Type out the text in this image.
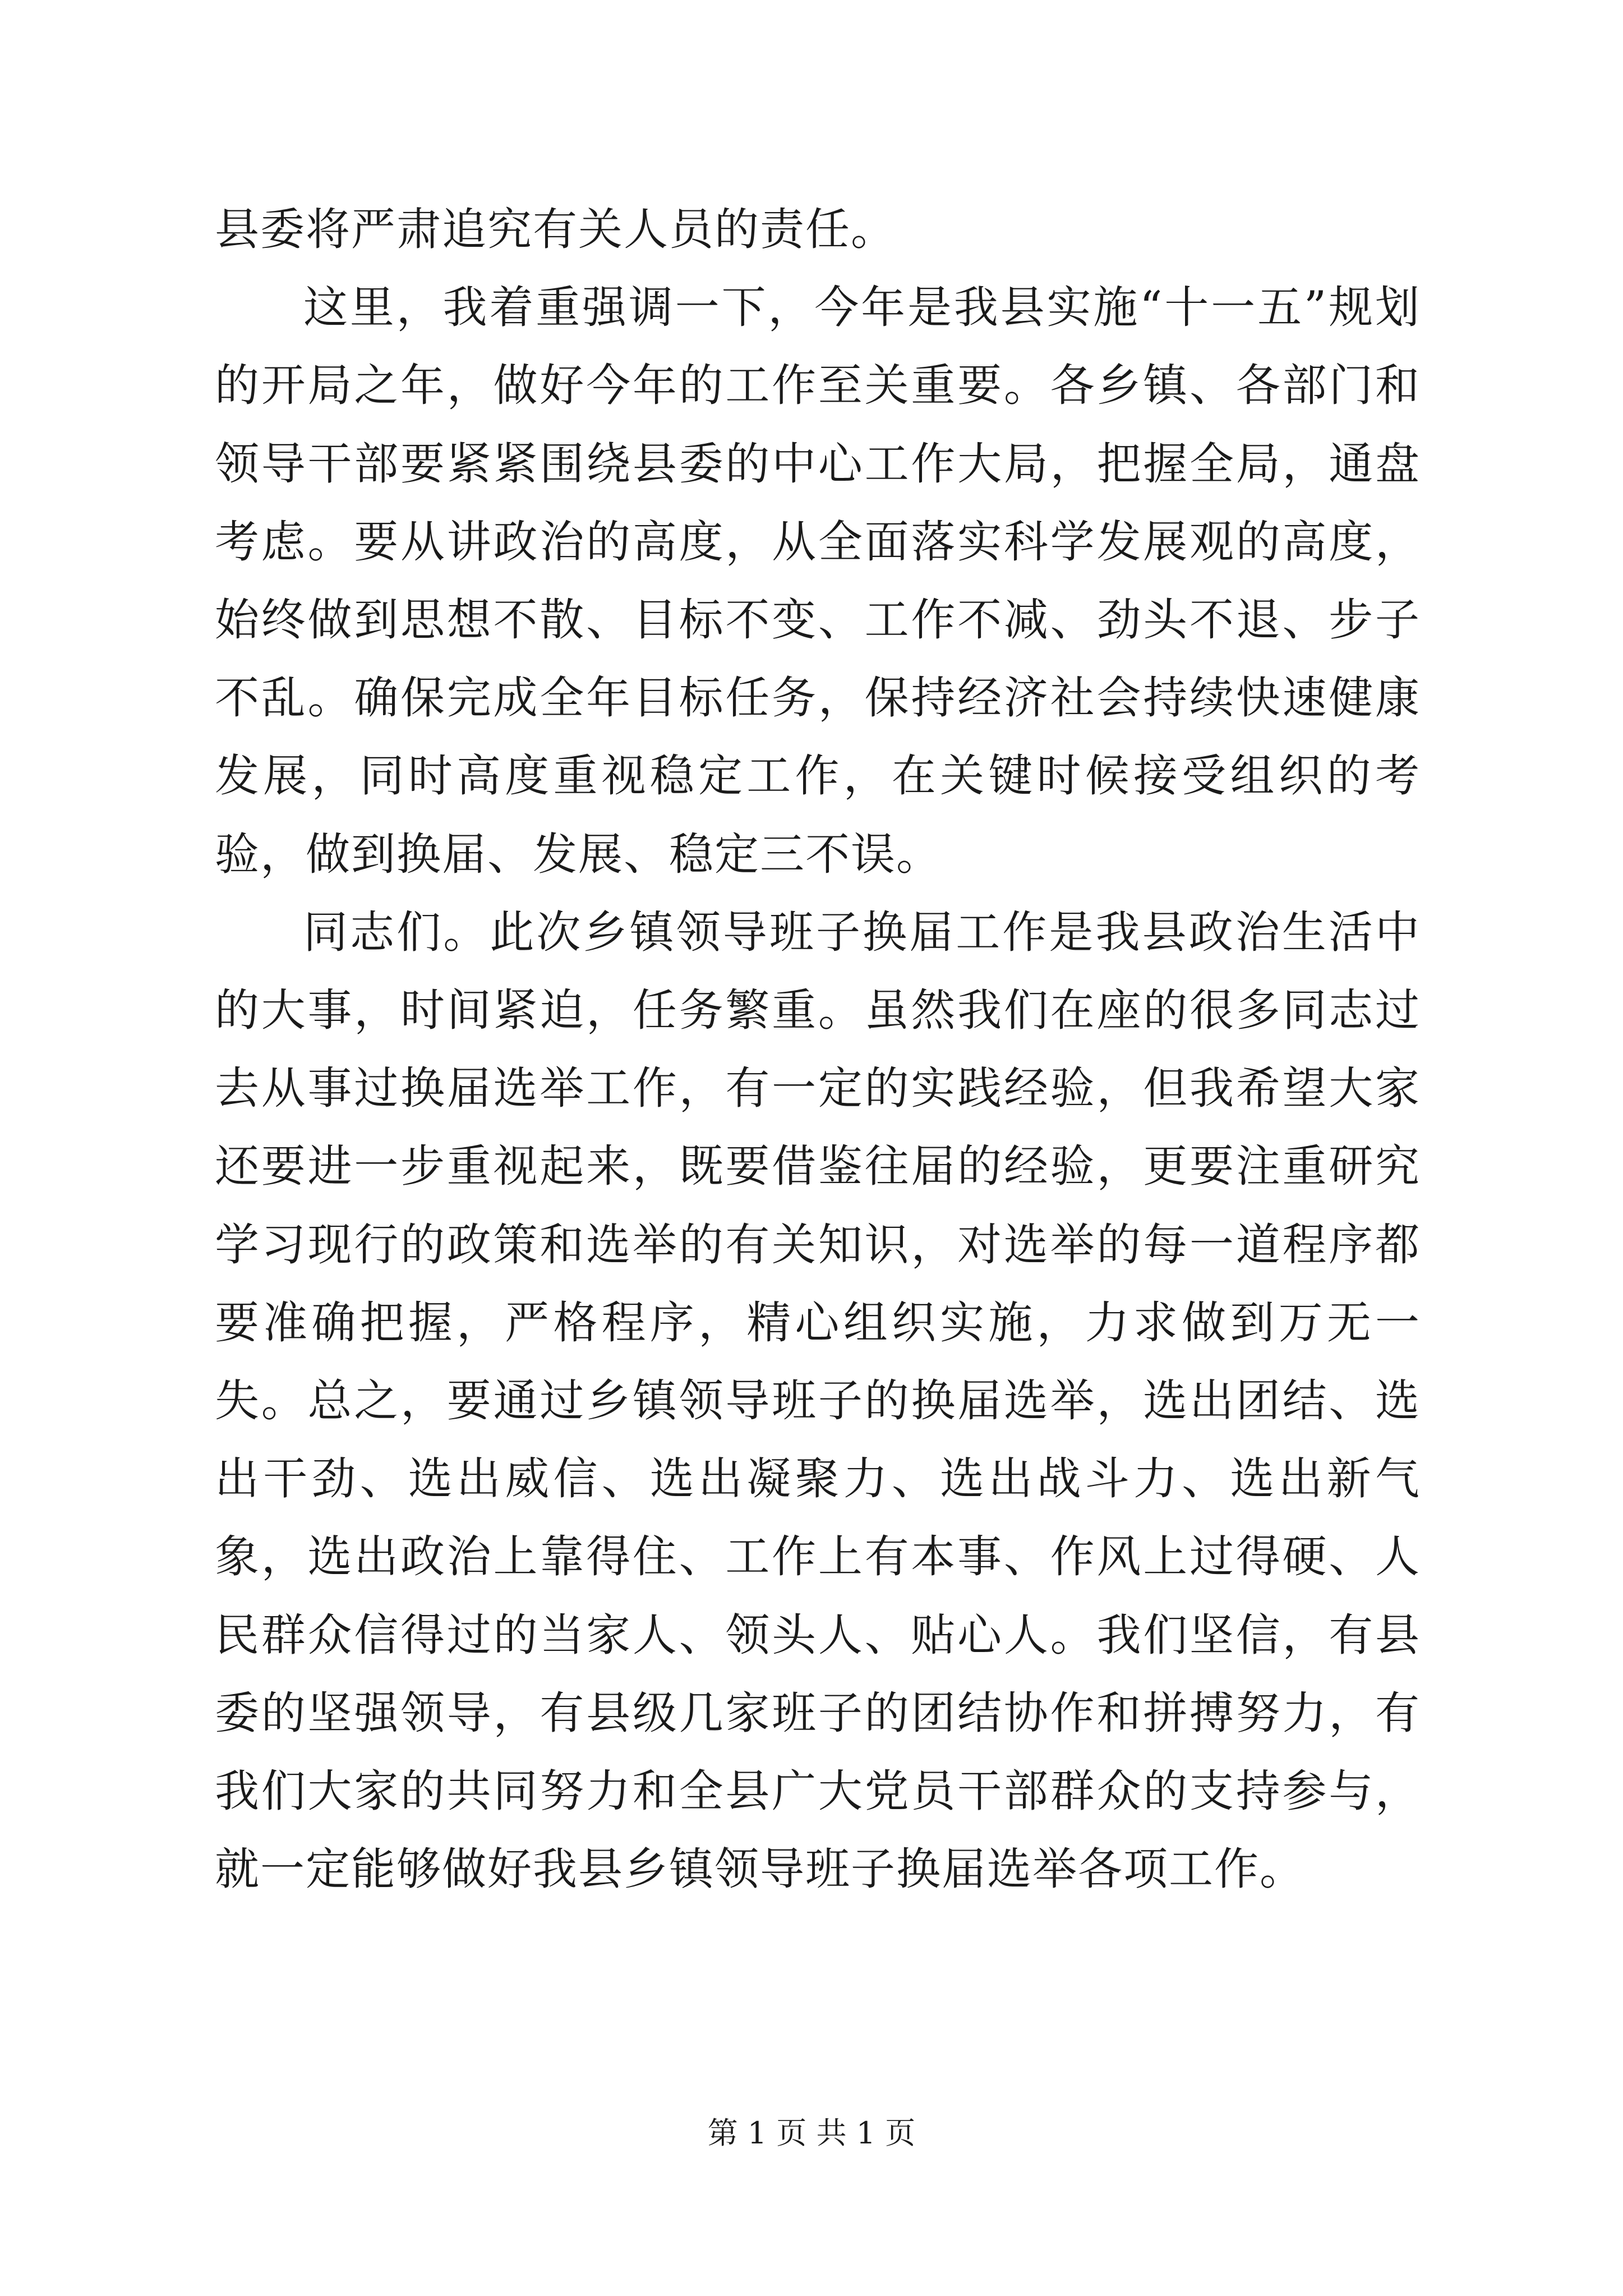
县委将严肃追究有关人员的责任。

这里，我着重强调一下，今年是我县实施“十一五”规划的开局之年，做好今年的工作至关重要。各乡镇、各部门和领导干部要紧紧围绕县委的中心工作大局，把握全局，通盘考虑。要从讲政治的高度，从全面落实科学发展观的高度，始终做到思想不散、目标不变、工作不减、劲头不退、步子不乱。确保完成全年目标任务，保持经济社会持续快速健康发展，同时高度重视稳定工作，在关键时候接受组织的考验，做到换届、发展、稳定三不误。

同志们。此次乡镇领导班子换届工作是我县政治生活中的大事，时间紧迫，任务繁重。虽然我们在座的很多同志过去从事过换届选举工作，有一定的实践经验，但我希望大家还要进一步重视起来，既要借鉴往届的经验，更要注重研究学习现行的政策和选举的有关知识，对选举的每一道程序都要准确把握，严格程序，精心组织实施，力求做到万无一失。总之，要通过乡镇领导班子的换届选举，选出团结、选出干劲、选出威信、选出凝聚力、选出战斗力、选出新气象，选出政治上靠得住、工作上有本事、作风上过得硬、人民群众信得过的当家人、领头人、贴心人。我们坚信，有县委的坚强领导，有县级几家班子的团结协作和拼搏努力，有我们大家的共同努力和全县广大党员干部群众的支持参与，就一定能够做好我县乡镇领导班子换届选举各项工作。

第 1 页 共 1 页
